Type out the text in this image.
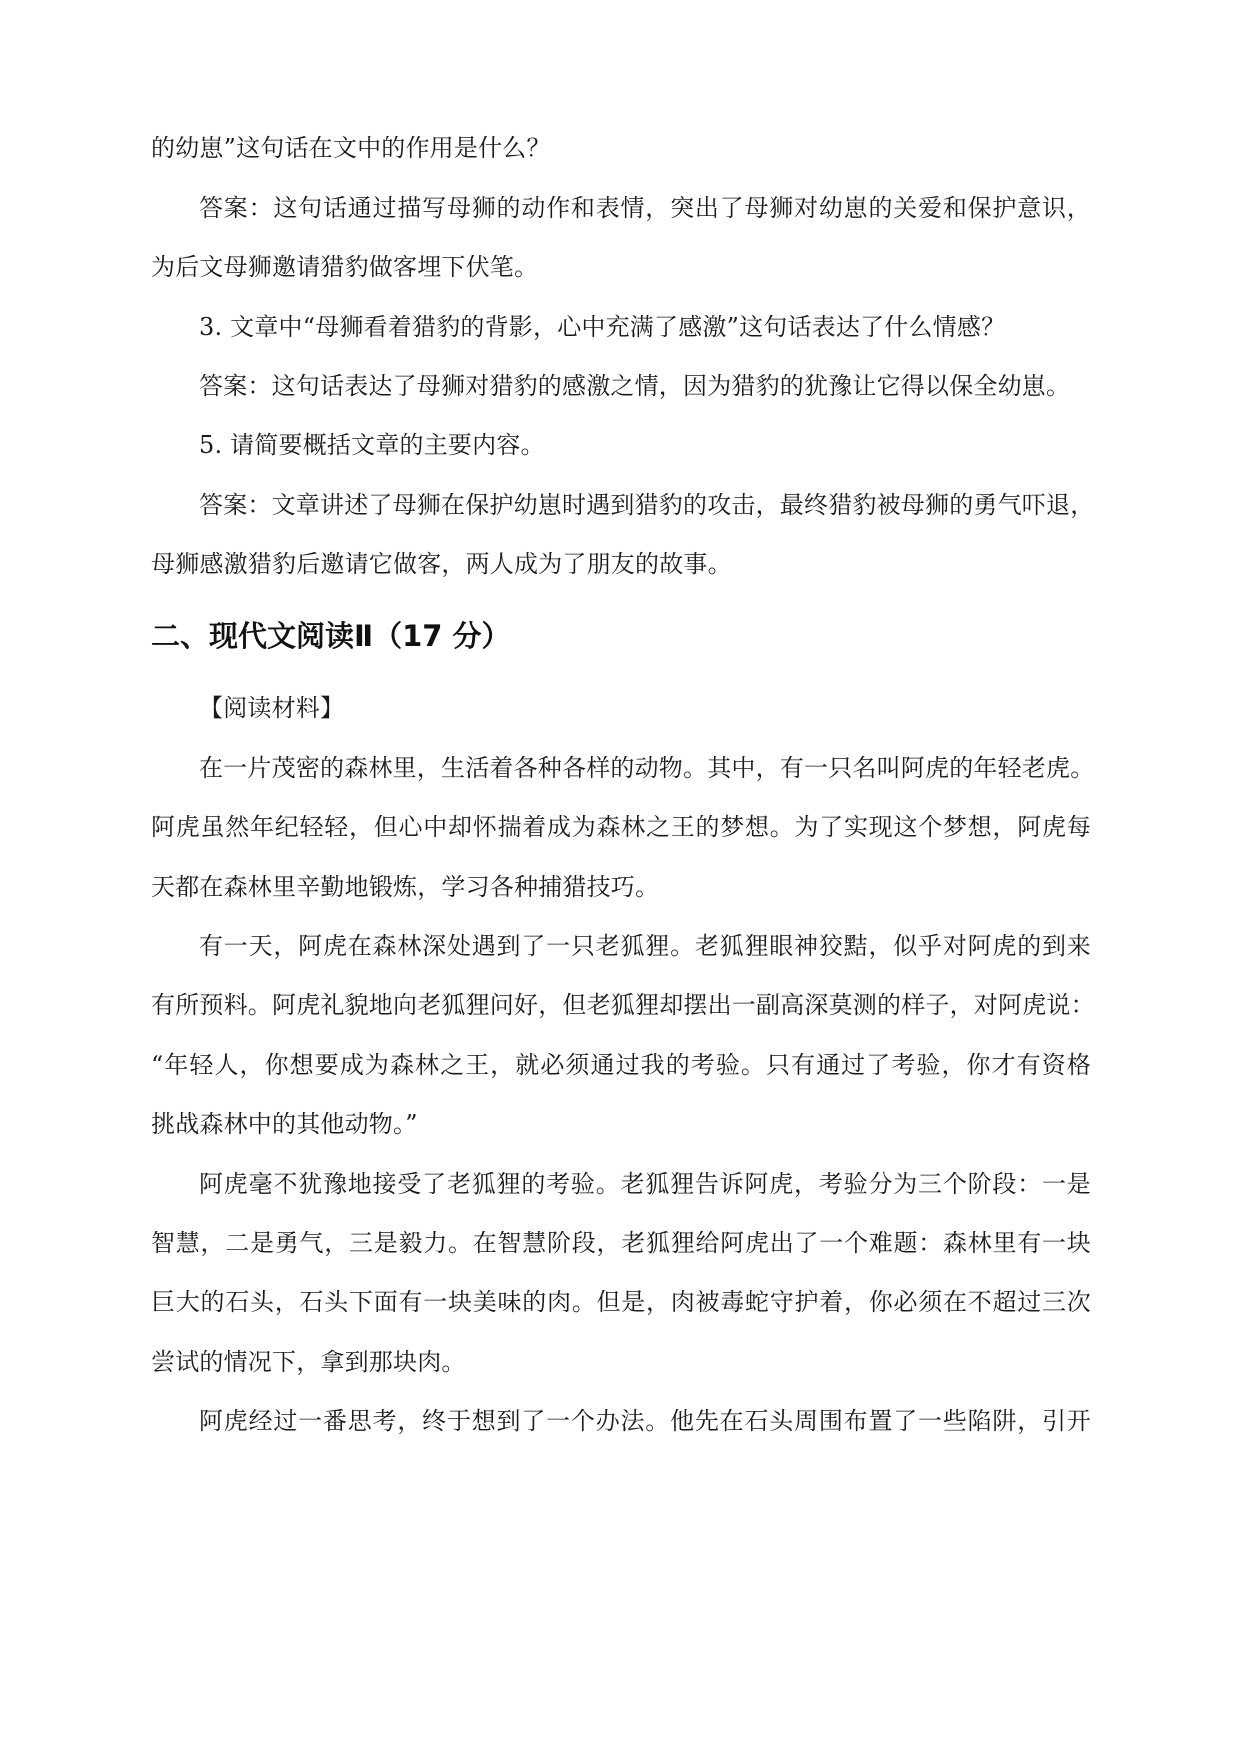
的幼崽”这句话在文中的作用是什么？
答案：这句话通过描写母狮的动作和表情，突出了母狮对幼崽的关爱和保护意识，
为后文母狮邀请猎豹做客埋下伏笔。
3. 文章中“母狮看着猎豹的背影，心中充满了感激”这句话表达了什么情感？
答案：这句话表达了母狮对猎豹的感激之情，因为猎豹的犹豫让它得以保全幼崽。
5. 请简要概括文章的主要内容。
答案：文章讲述了母狮在保护幼崽时遇到猎豹的攻击，最终猎豹被母狮的勇气吓退，
母狮感激猎豹后邀请它做客，两人成为了朋友的故事。
二、现代文阅读Ⅱ（17 分）
【阅读材料】
在一片茂密的森林里，生活着各种各样的动物。其中，有一只名叫阿虎的年轻老虎。
阿虎虽然年纪轻轻，但心中却怀揣着成为森林之王的梦想。为了实现这个梦想，阿虎每
天都在森林里辛勤地锻炼，学习各种捕猎技巧。
有一天，阿虎在森林深处遇到了一只老狐狸。老狐狸眼神狡黠，似乎对阿虎的到来
有所预料。阿虎礼貌地向老狐狸问好，但老狐狸却摆出一副高深莫测的样子，对阿虎说：
“年轻人，你想要成为森林之王，就必须通过我的考验。只有通过了考验，你才有资格
挑战森林中的其他动物。”
阿虎毫不犹豫地接受了老狐狸的考验。老狐狸告诉阿虎，考验分为三个阶段：一是
智慧，二是勇气，三是毅力。在智慧阶段，老狐狸给阿虎出了一个难题：森林里有一块
巨大的石头，石头下面有一块美味的肉。但是，肉被毒蛇守护着，你必须在不超过三次
尝试的情况下，拿到那块肉。
阿虎经过一番思考，终于想到了一个办法。他先在石头周围布置了一些陷阱，引开
